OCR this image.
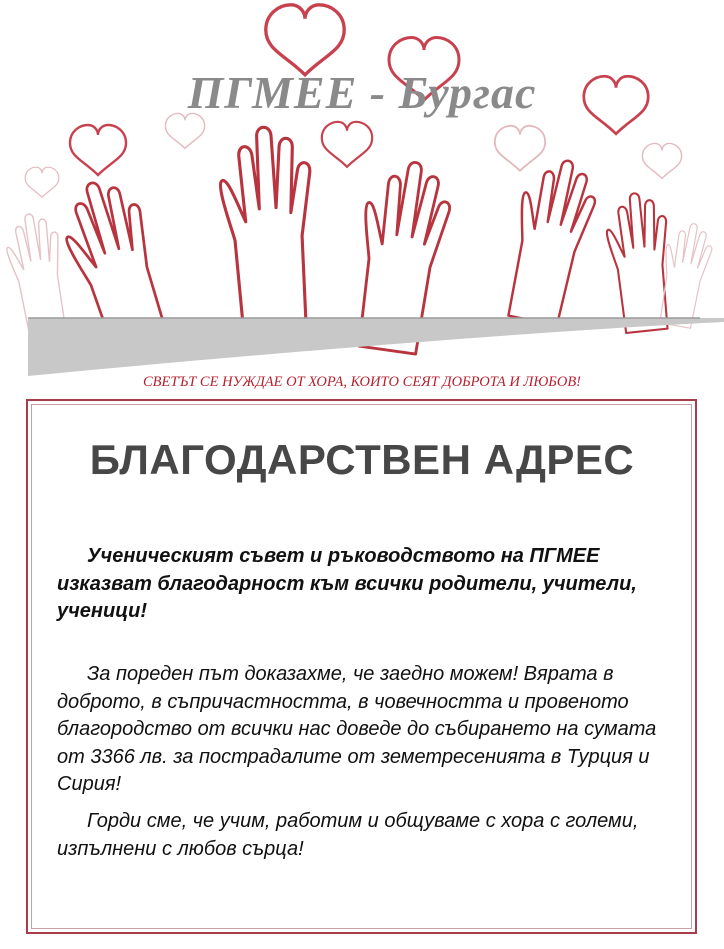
ПГМЕЕ - Бургас

СВЕТЪТ СЕ НУЖДАЕ ОТ ХОРА, КОИТО СЕЯТ ДОБРОТА И ЛЮБОВ!

БЛАГОДАРСТВЕН АДРЕС

Ученическият съвет и ръководството на ПГМЕЕ изказват благодарност към всички родители, учители, ученици!

За пореден път доказахме, че заедно можем! Вярата в доброто, в съпричастността, в човечността и провеното благородство от всички нас доведе до събирането на сумата от 3366 лв. за пострадалите от земетресенията в Турция и Сирия!

Горди сме, че учим, работим и общуваме с хора с големи, изпълнени с любов сърца!
